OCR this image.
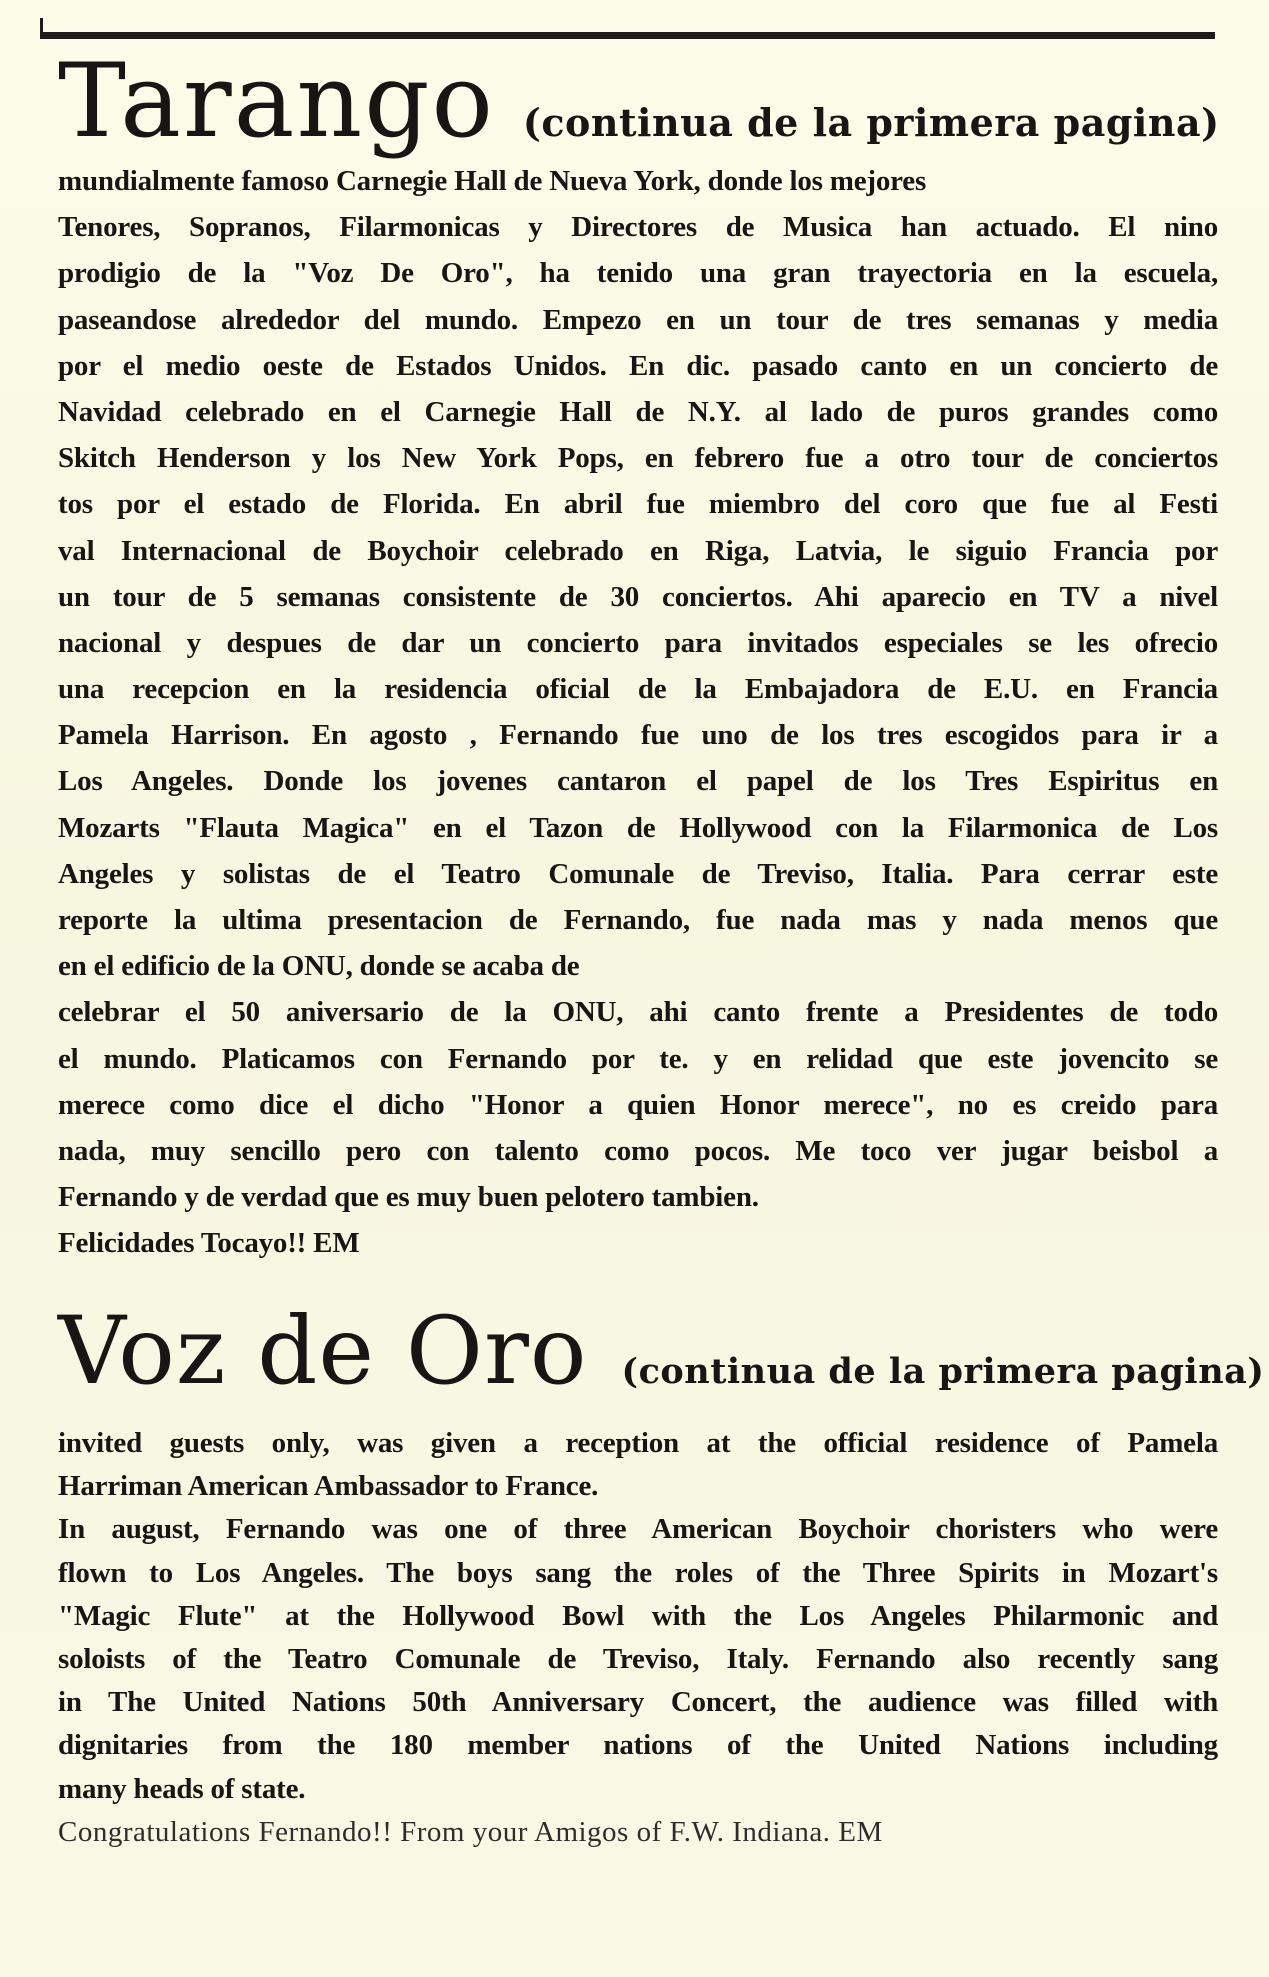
Tarango (continua de la primera pagina)
mundialmente famoso Carnegie Hall de Nueva York, donde los mejores
Tenores, Sopranos, Filarmonicas y Directores de Musica han actuado. El nino
prodigio de la "Voz De Oro", ha tenido una gran trayectoria en la escuela,
paseandose alrededor del mundo. Empezo en un tour de tres semanas y media
por el medio oeste de Estados Unidos. En dic. pasado canto en un concierto de
Navidad celebrado en el Carnegie Hall de N.Y. al lado de puros grandes como
Skitch Henderson y los New York Pops, en febrero fue a otro tour de conciertos
tos por el estado de Florida. En abril fue miembro del coro que fue al Festi
val Internacional de Boychoir celebrado en Riga, Latvia, le siguio Francia por
un tour de 5 semanas consistente de 30 conciertos. Ahi aparecio en TV a nivel
nacional y despues de dar un concierto para invitados especiales se les ofrecio
una recepcion en la residencia oficial de la Embajadora de E.U. en Francia
Pamela Harrison. En agosto , Fernando fue uno de los tres escogidos para ir a
Los Angeles. Donde los jovenes cantaron el papel de los Tres Espiritus en
Mozarts "Flauta Magica" en el Tazon de Hollywood con la Filarmonica de Los
Angeles y solistas de el Teatro Comunale de Treviso, Italia. Para cerrar este
reporte la ultima presentacion de Fernando, fue nada mas y nada menos que
en el edificio de la ONU, donde se acaba de
celebrar el 50 aniversario de la ONU, ahi canto frente a Presidentes de todo
el mundo. Platicamos con Fernando por te. y en relidad que este jovencito se
merece como dice el dicho "Honor a quien Honor merece", no es creido para
nada, muy sencillo pero con talento como pocos. Me toco ver jugar beisbol a
Fernando y de verdad que es muy buen pelotero tambien.
Felicidades Tocayo!! EM
Voz de Oro (continua de la primera pagina)
invited guests only, was given a reception at the official residence of Pamela
Harriman American Ambassador to France.
In august, Fernando was one of three American Boychoir choristers who were
flown to Los Angeles. The boys sang the roles of the Three Spirits in Mozart's
"Magic Flute" at the Hollywood Bowl with the Los Angeles Philarmonic and
soloists of the Teatro Comunale de Treviso, Italy. Fernando also recently sang
in The United Nations 50th Anniversary Concert, the audience was filled with
dignitaries from the 180 member nations of the United Nations including
many heads of state.
Congratulations Fernando!! From your Amigos of F.W. Indiana. EM
